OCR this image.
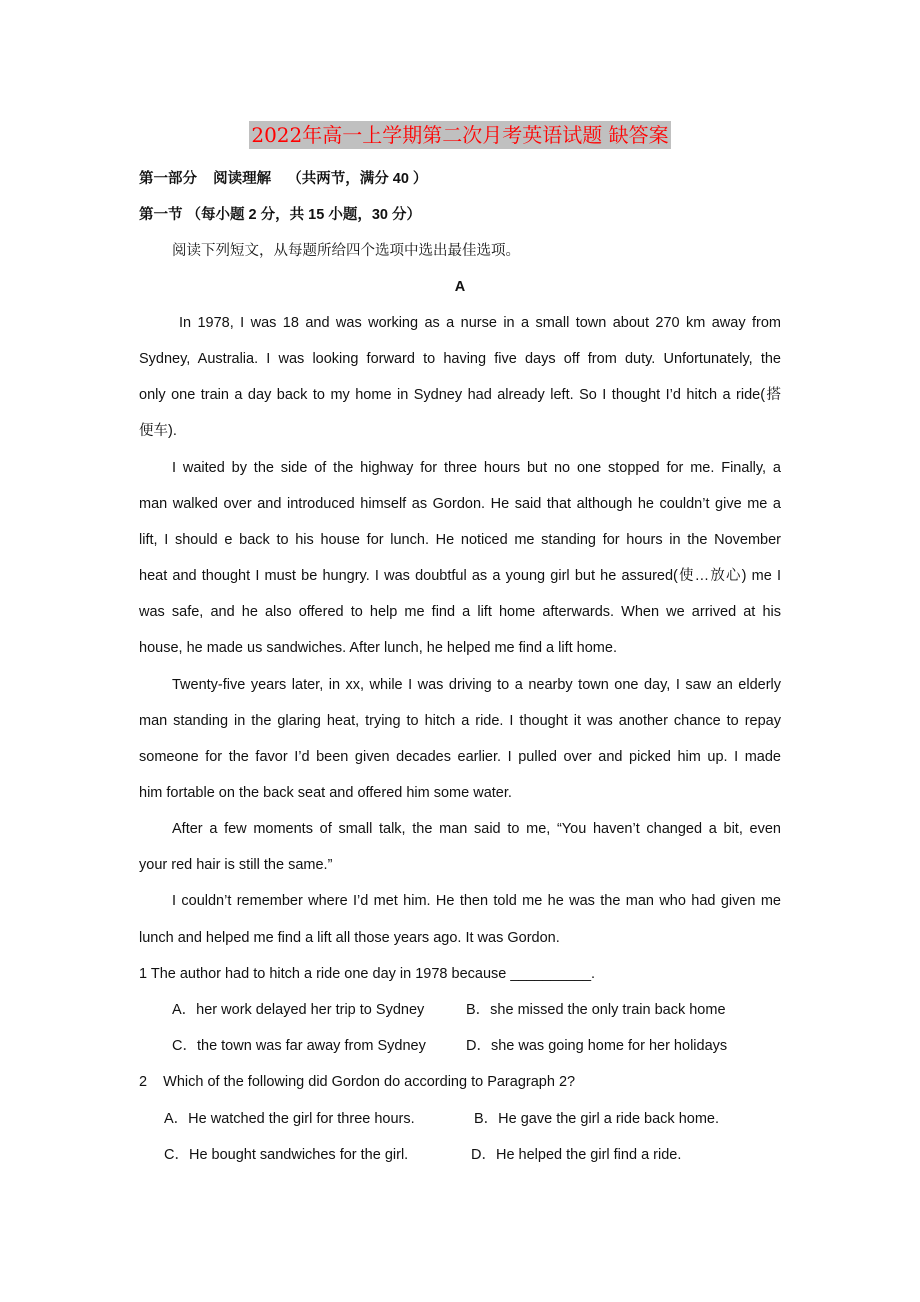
2022年高一上学期第二次月考英语试题 缺答案
第一部分    阅读理解    （共两节，满分 40 ）
第一节 （每小题 2 分，共 15 小题，30 分）
阅读下列短文，从每题所给四个选项中选出最佳选项。
A
In 1978, I was 18 and was working as a nurse in a small town about 270 km away from
Sydney, Australia. I was looking forward to having five days off from duty. Unfortunately, the
only one train a day back to my home in Sydney had already left. So I thought I’d hitch a ride(搭
便车).
I waited by the side of the highway for three hours but no one stopped for me. Finally, a
man walked over and introduced himself as Gordon. He said that although he couldn’t give me a
lift, I should e back to his house for lunch. He noticed me standing for hours in the November
heat and thought I must be hungry. I was doubtful as a young girl but he assured(使…放心) me I
was safe, and he also offered to help me find a lift home afterwards. When we arrived at his
house, he made us sandwiches. After lunch, he helped me find a lift home.
Twenty-five years later, in xx, while I was driving to a nearby town one day, I saw an elderly
man standing in the glaring heat, trying to hitch a ride. I thought it was another chance to repay
someone for the favor I’d been given decades earlier. I pulled over and picked him up. I made
him fortable on the back seat and offered him some water.
After a few moments of small talk, the man said to me, “You haven’t changed a bit, even
your red hair is still the same.”
I couldn’t remember where I’d met him. He then told me he was the man who had given me
lunch and helped me find a lift all those years ago. It was Gordon.
1 The author had to hitch a ride one day in 1978 because __________.
A．her work delayed her trip to Sydney	B．she missed the only train back home
C．the town was far away from Sydney	D．she was going home for her holidays
2    Which of the following did Gordon do according to Paragraph 2?
A．He watched the girl for three hours.	B．He gave the girl a ride back home.
C．He bought sandwiches for the girl.	D．He helped the girl find a ride.
